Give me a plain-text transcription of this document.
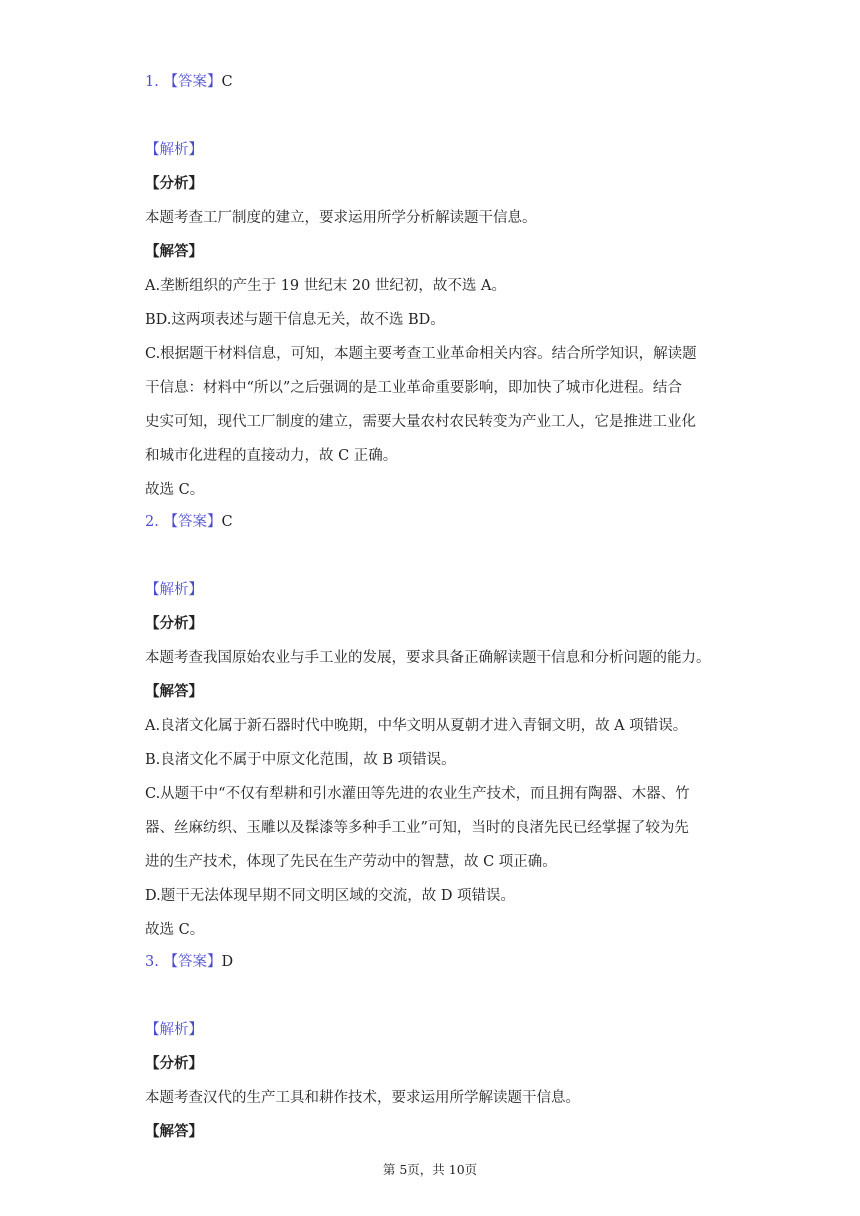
1. 【答案】C
【解析】
【分析】
本题考查工厂制度的建立，要求运用所学分析解读题干信息。
【解答】
A.垄断组织的产生于 19 世纪末 20 世纪初，故不选 A。
BD.这两项表述与题干信息无关，故不选 BD。
C.根据题干材料信息，可知，本题主要考查工业革命相关内容。结合所学知识，解读题
干信息：材料中“所以”之后强调的是工业革命重要影响，即加快了城市化进程。结合
史实可知，现代工厂制度的建立，需要大量农村农民转变为产业工人，它是推进工业化
和城市化进程的直接动力，故 C 正确。
故选 C。
2. 【答案】C
【解析】
【分析】
本题考查我国原始农业与手工业的发展，要求具备正确解读题干信息和分析问题的能力。
【解答】
A.良渚文化属于新石器时代中晚期，中华文明从夏朝才进入青铜文明，故 A 项错误。
B.良渚文化不属于中原文化范围，故 B 项错误。
C.从题干中“不仅有犁耕和引水灌田等先进的农业生产技术，而且拥有陶器、木器、竹
器、丝麻纺织、玉雕以及髹漆等多种手工业”可知，当时的良渚先民已经掌握了较为先
进的生产技术，体现了先民在生产劳动中的智慧，故 C 项正确。
D.题干无法体现早期不同文明区域的交流，故 D 项错误。
故选 C。
3. 【答案】D
【解析】
【分析】
本题考查汉代的生产工具和耕作技术，要求运用所学解读题干信息。
【解答】
第 5页，共 10页
